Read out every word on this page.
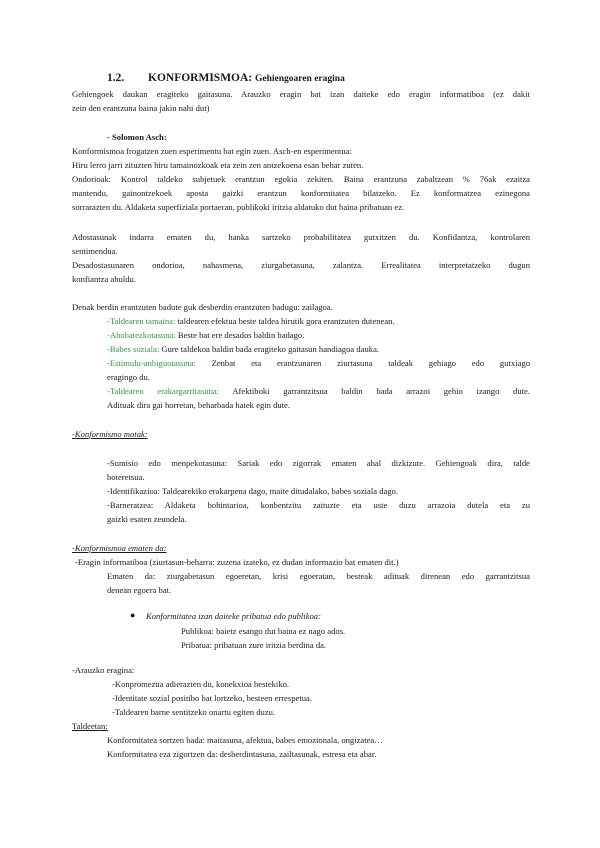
1.2. KONFORMISMOA: Gehiengoaren eragina
Gehiengoek daukan eragiteko gaitasuna. Arauzko eragin bat izan daiteke edo eragin informatiboa (ez dakit
zein den erantzuna baina jakin nahi dut)
- Solomon Asch:
Konformismoa frogatzen zuen esperimentu bat egin zuen. Asch-en esperimentua:
Hiru lerro jarri zituzten hiru tamainozkoak eta zein zen antzekoena esan behar zuten.
Ondorioak: Kontrol taldeko subjetuek erantzun egokia zekiten. Baina erantzuna zabaltzean % 76ak ezaitza
mantendu, gainontzekoek aposta gaizki erantzun konformitatea bilatzeko. Ez konformatzea ezinegona
sorrarazten du. Aldaketa superfiziala portaeran, publikoki iritzia aldatuko dut baina pribatuan ez.
Adostasunak indarra ematen du, hanka sartzeko probabilitatea gutxitzen du. Konfidantza, kontrolaren
sentimendua.
Desadostasunaren ondorioa, nahasmena, ziurgabetasuna, zalantza. Errealitatea interpretatzeko dugun
konfiantza ahuldu.
Denak berdin erantzuten badute guk desberdin erantzuten badugu: zailagoa.
-Taldearen tamaina: taldearen efektua beste taldea hirutik gora erantzuten dutenean.
-Ahobatezkotasuna: Beste bat ere desados baldin badago.
-Babes soziala: Gure taldekoa baldin bada eragiteko gaitasun handiagoa dauka.
-Estimulu-anbiguotasuna: Zenbat eta erantzunaren ziurtasuna taldeak gehiago edo gutxiago
eragingo du.
-Taldearen erakargarritasuna: Afektiboki garrantzitsua baldin bada arrazoi gehio izango dute.
Adituak dira gai horretan, beharbada haiek egin dute.
-Konformismo motak:
-Sumisio edo menpekotasuna: Sariak edo zigorrak ematen ahal dizkizute. Gehiengoak dira, talde
boteretsua.
-Identifikazioa: Taldearekiko erakarpena dago, maite ditudalako, babes soziala dago.
-Barneratzea: Aldaketa bohintarioa, konbentzitu zaituzte eta uste duzu arrazoia dutela eta zu
gaizki esaten zeundela.
-Konformismoa ematen da:
-Eragin informatiboa (ziurtasun-beharra: zuzena izateko, ez dudan informazio bat ematen dit.)
Ematen da: ziurgabetasun egoeretan, krisi egoeratan, besteak adituak direnean edo garrantzitsua
denean egoera bat.
● Konformitatea izan daiteke pribatua edo publikoa:
Publikoa: baietz esango dut baina ez nago ados.
Pribatua: pribatuan zure iritzia berdina da.
-Arauzko eragina:
-Konpromezua adierazten du, konekxioa bestekiko.
-Identitate sozial positibo bat lortzeko, besteen errespetua.
-Taldearen barne sentitzeko onartu egiten duzu.
Taldeetan:
Konformitatea sortzen bada: maitasuna, afektua, babes emozionala, ongizatea…
Konformitatea eza zigortzen da: desberdintasuna, zailtasunak, estresa eta abar.
